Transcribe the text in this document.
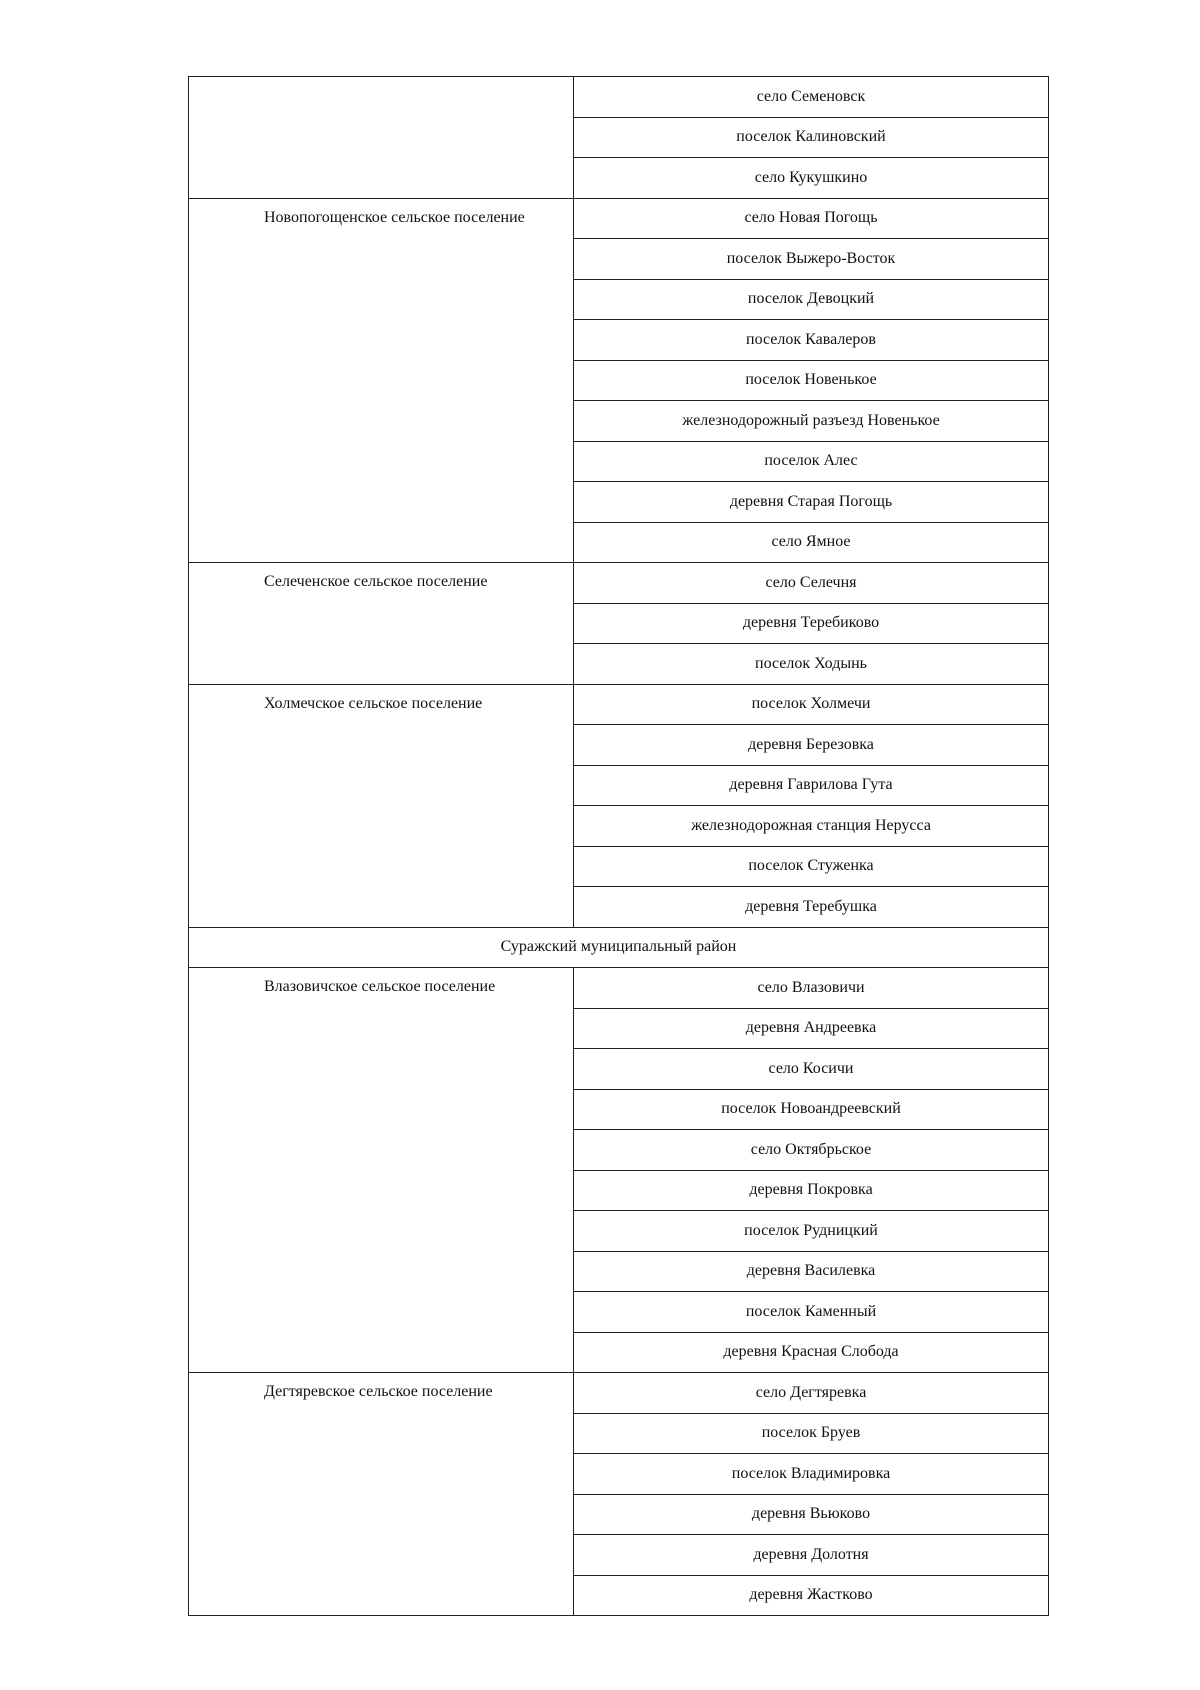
	село Семеновск
	поселок Калиновский
	село Кукушкино
Новопогощенское сельское поселение	село Новая Погощь
	поселок Выжеро-Восток
	поселок Девоцкий
	поселок Кавалеров
	поселок Новенькое
	железнодорожный разъезд Новенькое
	поселок Алес
	деревня Старая Погощь
	село Ямное
Селеченское сельское поселение	село Селечня
	деревня Теребиково
	поселок Ходынь
Холмечское сельское поселение	поселок Холмечи
	деревня Березовка
	деревня Гаврилова Гута
	железнодорожная станция Нерусса
	поселок Стуженка
	деревня Теребушка
Суражский муниципальный район	
Влазовичское сельское поселение	село Влазовичи
	деревня Андреевка
	село Косичи
	поселок Новоандреевский
	село Октябрьское
	деревня Покровка
	поселок Рудницкий
	деревня Василевка
	поселок Каменный
	деревня Красная Слобода
Дегтяревское сельское поселение	село Дегтяревка
	поселок Бруев
	поселок Владимировка
	деревня Вьюково
	деревня Долотня
	деревня Жастково
